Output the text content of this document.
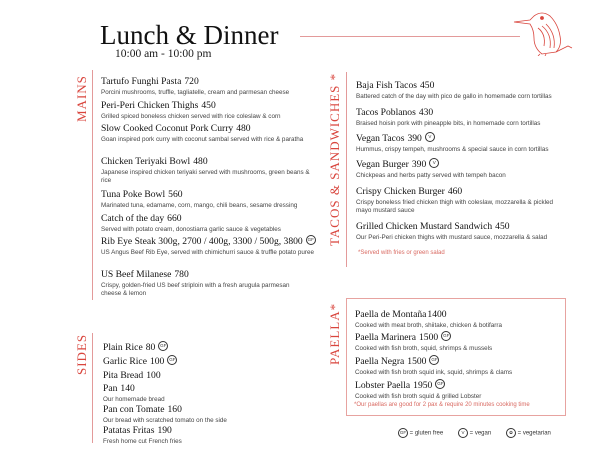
Lunch & Dinner
10:00 am - 10:00 pm
MAINS Tartufo Funghi Pasta 720
Porcini mushrooms, truffle, tagliatelle, cream and parmesan cheese
Peri-Peri Chicken Thighs 450
Grilled spiced boneless chicken served with rice coleslaw & corn
Slow Cooked Coconut Pork Curry 480
Goan inspired pork curry with coconut sambal served with rice & paratha
Chicken Teriyaki Bowl 480
Japanese inspired chicken teriyaki served with mushrooms, green beans & rice
Tuna Poke Bowl 560
Marinated tuna, edamame, corn, mango, chili beans, sesame dressing
Catch of the day 660
Served with potato cream, donostiarra garlic sauce & vegetables
Rib Eye Steak 300g, 2700 / 400g, 3300 / 500g, 3800 GF
US Angus Beef Rib Eye, served with chimichurri sauce & truffle potato puree
US Beef Milanese 780
Crispy, golden-fried US beef striploin with a fresh arugula parmesan cheese & lemon
SIDES Plain Rice 80 GF
Garlic Rice 100 GF
Pita Bread 100
Pan 140
Our homemade bread
Pan con Tomate 160
Our bread with scratched tomato on the side
Patatas Fritas 190
Fresh home cut French fries
TACOS & SANDWICHES *
Baja Fish Tacos 450
Battered catch of the day with pico de gallo in homemade corn tortillas
Tacos Poblanos 430
Braised hoisin pork with pineapple bits, in homemade corn tortillas
Vegan Tacos 390 V
Hummus, crispy tempeh, mushrooms & special sauce in corn tortillas
Vegan Burger 390 V
Chickpeas and herbs patty served with tempeh bacon
Crispy Chicken Burger 460
Crispy boneless fried chicken thigh with coleslaw, mozzarella & pickled mayo mustard sauce
Grilled Chicken Mustard Sandwich 450
Our Peri-Peri chicken thighs with mustard sauce, mozzarella & salad
*Served with fries or green salad
PAELLA*
Paella de Montaña1400
Cooked with meat broth, shiitake, chicken & botifarra
Paella Marinera 1500 GF
Cooked with fish broth, squid, shrimps & mussels
Paella Negra 1500 GF
Cooked with fish broth squid ink, squid, shrimps & clams
Lobster Paella 1950 GF
Cooked with fish broth squid & grilled Lobster
*Our paellas are good for 2 pax & require 20 minutes cooking time
GF = gluten free	V = vegan	✿ = vegetarian
